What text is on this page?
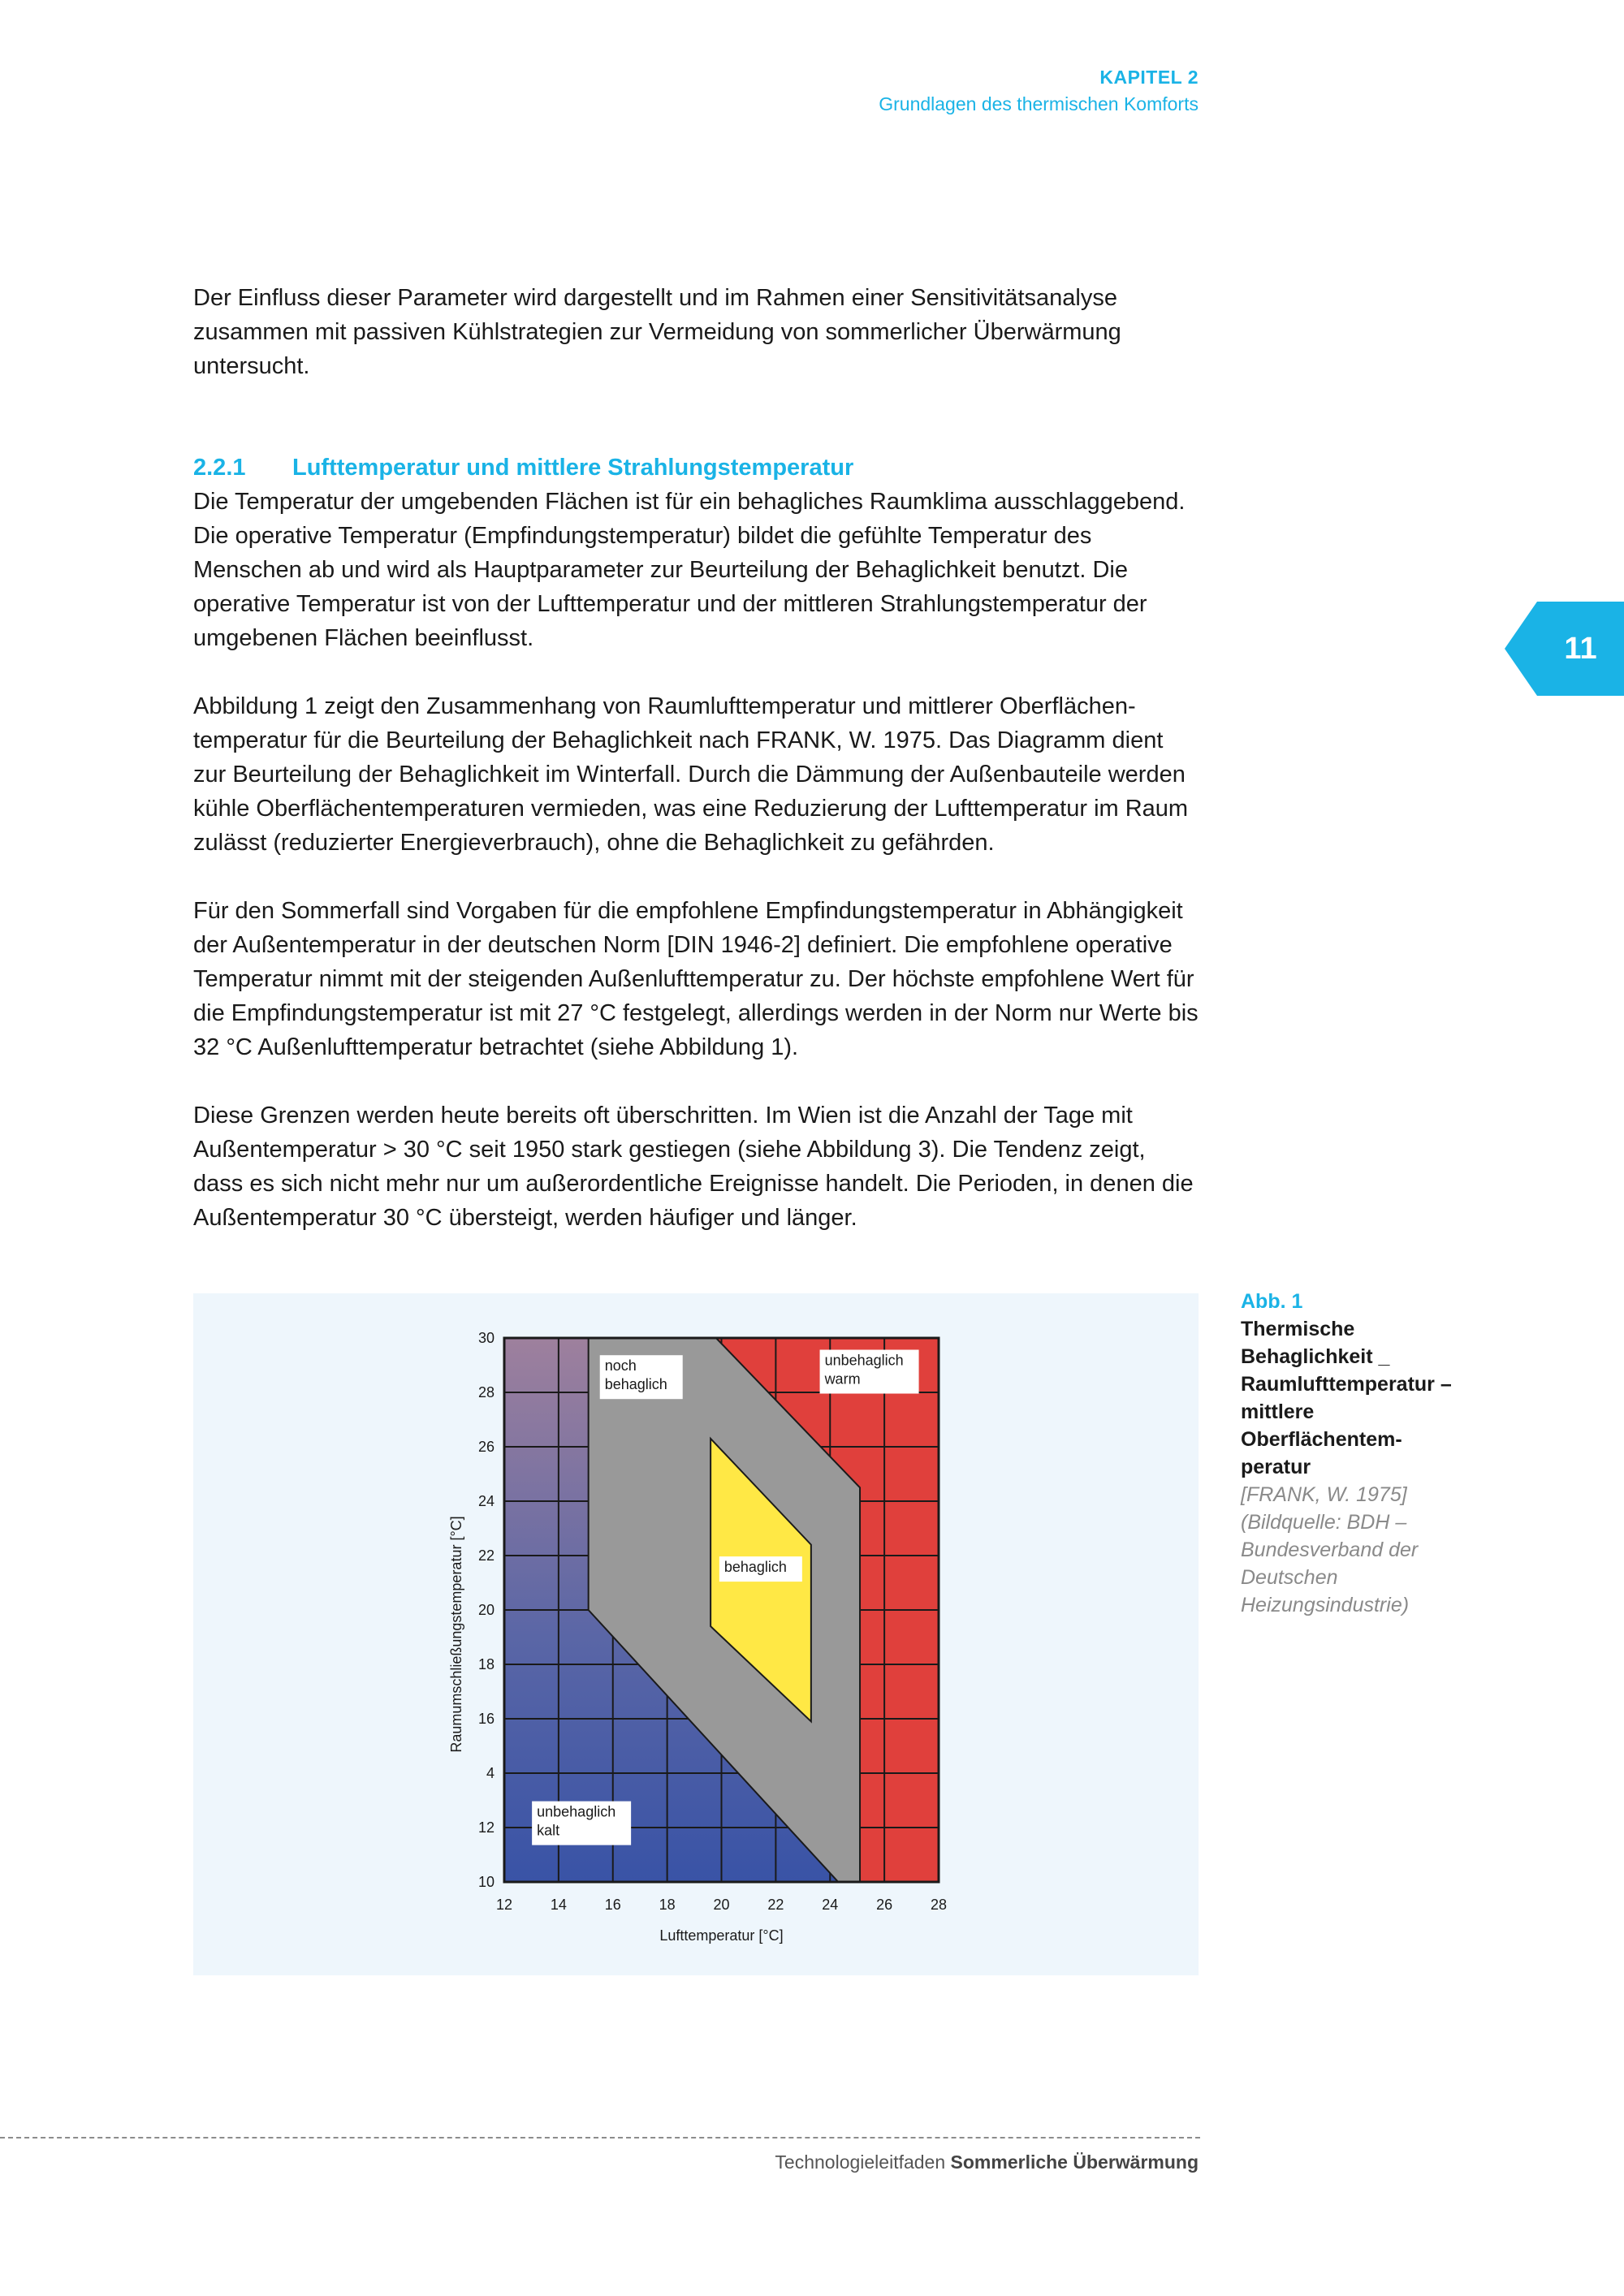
KAPITEL 2
Grundlagen des thermischen Komforts
Der Einfluss dieser Parameter wird dargestellt und im Rahmen einer Sensitivitätsanalyse zusammen mit passiven Kühlstrategien zur Vermeidung von sommerlicher Überwärmung untersucht.
2.2.1 Lufttemperatur und mittlere Strahlungstemperatur

Die Temperatur der umgebenden Flächen ist für ein behagliches Raumklima ausschlaggebend. Die operative Temperatur (Empfindungstemperatur) bildet die gefühlte Temperatur des Menschen ab und wird als Hauptparameter zur Beurteilung der Behaglichkeit benutzt. Die operative Temperatur ist von der Lufttemperatur und der mittleren Strahlungstemperatur der umgebenen Flächen beeinflusst.

Abbildung 1 zeigt den Zusammenhang von Raumlufttemperatur und mittlerer Oberflächentemperatur für die Beurteilung der Behaglichkeit nach FRANK, W. 1975. Das Diagramm dient zur Beurteilung der Behaglichkeit im Winterfall. Durch die Dämmung der Außenbauteile werden kühle Oberflächentemperaturen vermieden, was eine Reduzierung der Lufttemperatur im Raum zulässt (reduzierter Energieverbrauch), ohne die Behaglichkeit zu gefährden.

Für den Sommerfall sind Vorgaben für die empfohlene Empfindungstemperatur in Abhängigkeit der Außentemperatur in der deutschen Norm [DIN 1946-2] definiert. Die empfohlene operative Temperatur nimmt mit der steigenden Außenlufttemperatur zu. Der höchste empfohlene Wert für die Empfindungstemperatur ist mit 27 °C festgelegt, allerdings werden in der Norm nur Werte bis 32 °C Außenlufttemperatur betrachtet (siehe Abbildung 1).

Diese Grenzen werden heute bereits oft überschritten. Im Wien ist die Anzahl der Tage mit Außentemperatur > 30 °C seit 1950 stark gestiegen (siehe Abbildung 3). Die Tendenz zeigt, dass es sich nicht mehr nur um außerordentliche Ereignisse handelt. Die Perioden, in denen die Außentemperatur 30 °C übersteigt, werden häufiger und länger.

11
noch
behaglich
unbehaglich
warm
behaglich
unbehaglich
kalt
12	14	16	18	20	22	24	26	28
10
12
4
16
18
20
22
24
26
28
30
Lufttemperatur [°C]
Raumumschließungstemperatur [°C]
Abb. 1
Thermische Behaglichkeit _ Raumlufttemperatur – mittlere Oberflächentemperatur
[FRANK, W. 1975] (Bildquelle: BDH – Bundesverband der Deutschen Heizungsindustrie)
Technologieleitfaden Sommerliche Überwärmung
